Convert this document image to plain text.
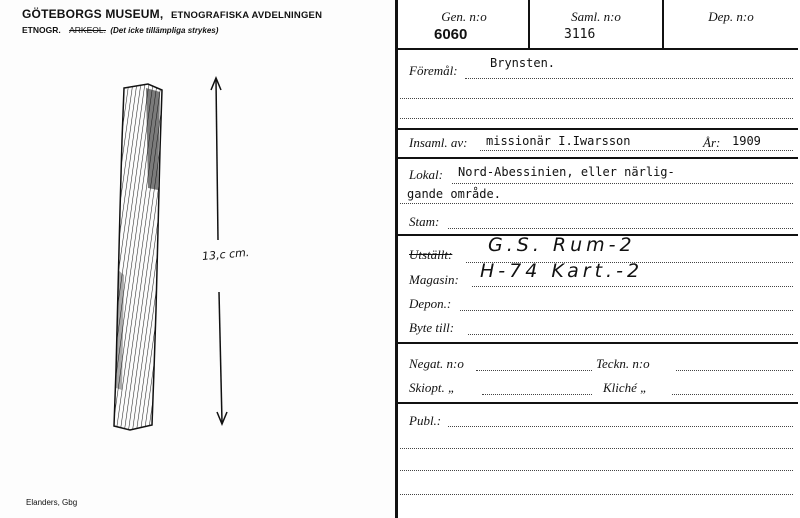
GÖTEBORGS MUSEUM, ETNOGRAFISKA AVDELNINGEN
ETNOGR. ARKEOL. (Det icke tillämpliga strykes)
13,c cm.
Elanders, Gbg
Gen. n:o
6060
Saml. n:o
3116
Dep. n:o
Föremål:	Brynsten.
Insaml. av: missionär I.Iwarsson	År: 1909
Lokal: Nord-Abessinien, eller närlig-
gande område.
Stam:
Utställt: G.S. Rum-2
Magasin: H-74 Kart.-2
Depon.:
Byte till:
Negat. n:o	Teckn. n:o
Skiopt. „	Kliché „
Publ.:
